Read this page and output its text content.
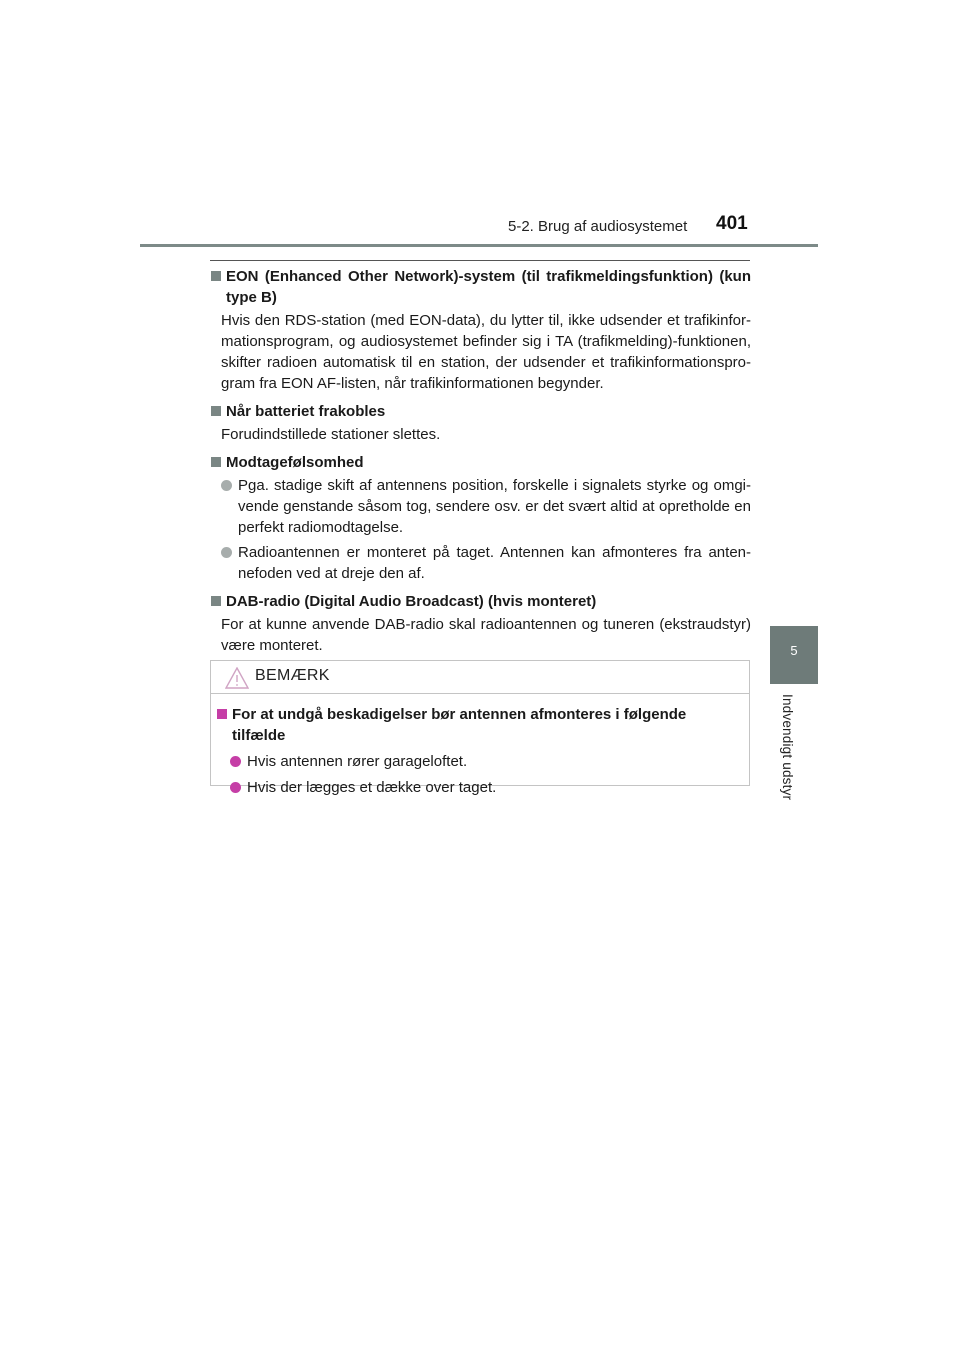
5-2. Brug af audiosystemet 401
5
Indvendigt udstyr
EON (Enhanced Other Network)-system (til trafikmeldingsfunktion) (kun type B)
Hvis den RDS-station (med EON-data), du lytter til, ikke udsender et trafikinformationsprogram, og audiosystemet befinder sig i TA (trafikmelding)-funktionen, skifter radioen automatisk til en station, der udsender et trafikinformationsprogram fra EON AF-listen, når trafikinformationen begynder.
Når batteriet frakobles
Forudindstillede stationer slettes.
Modtagefølsomhed
Pga. stadige skift af antennens position, forskelle i signalets styrke og omgivende genstande såsom tog, sendere osv. er det svært altid at opretholde en perfekt radiomodtagelse.
Radioantennen er monteret på taget. Antennen kan afmonteres fra antennefoden ved at dreje den af.
DAB-radio (Digital Audio Broadcast) (hvis monteret)
For at kunne anvende DAB-radio skal radioantennen og tuneren (ekstraudstyr) være monteret.
BEMÆRK
For at undgå beskadigelser bør antennen afmonteres i følgende tilfælde
Hvis antennen rører garageloftet.
Hvis der lægges et dække over taget.
